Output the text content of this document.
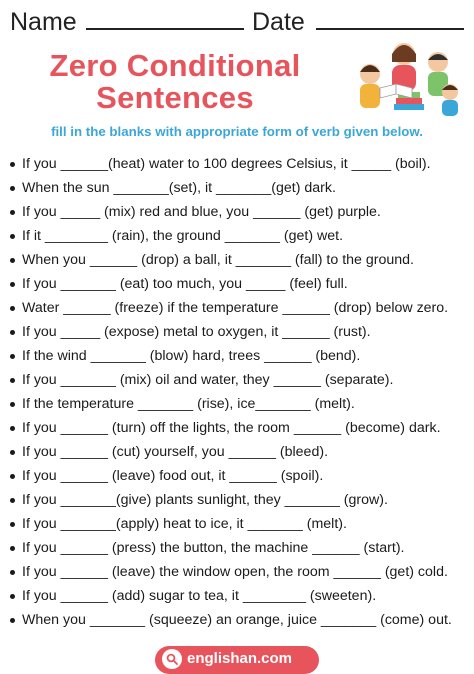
Name	Date
Zero Conditional
Sentences
fill in the blanks with appropriate form of verb given below.
If you ______(heat) water to 100 degrees Celsius, it _____ (boil).
When the sun _______(set), it _______(get) dark.
If you _____ (mix) red and blue, you ______ (get) purple.
If it ________ (rain), the ground _______ (get) wet.
When you ______ (drop) a ball, it _______ (fall) to the ground.
If you _______ (eat) too much, you _____ (feel) full.
Water ______ (freeze) if the temperature ______ (drop) below zero.
If you _____ (expose) metal to oxygen, it ______ (rust).
If the wind _______ (blow) hard, trees ______ (bend).
If you _______ (mix) oil and water, they ______ (separate).
If the temperature _______ (rise), ice_______ (melt).
If you ______ (turn) off the lights, the room ______ (become) dark.
If you ______ (cut) yourself, you ______ (bleed).
If you ______ (leave) food out, it ______ (spoil).
If you _______(give) plants sunlight, they _______ (grow).
If you _______(apply) heat to ice, it _______ (melt).
If you ______ (press) the button, the machine ______ (start).
If you ______ (leave) the window open, the room ______ (get) cold.
If you ______ (add) sugar to tea, it ________ (sweeten).
When you _______ (squeeze) an orange, juice _______ (come) out.
englishan.com
